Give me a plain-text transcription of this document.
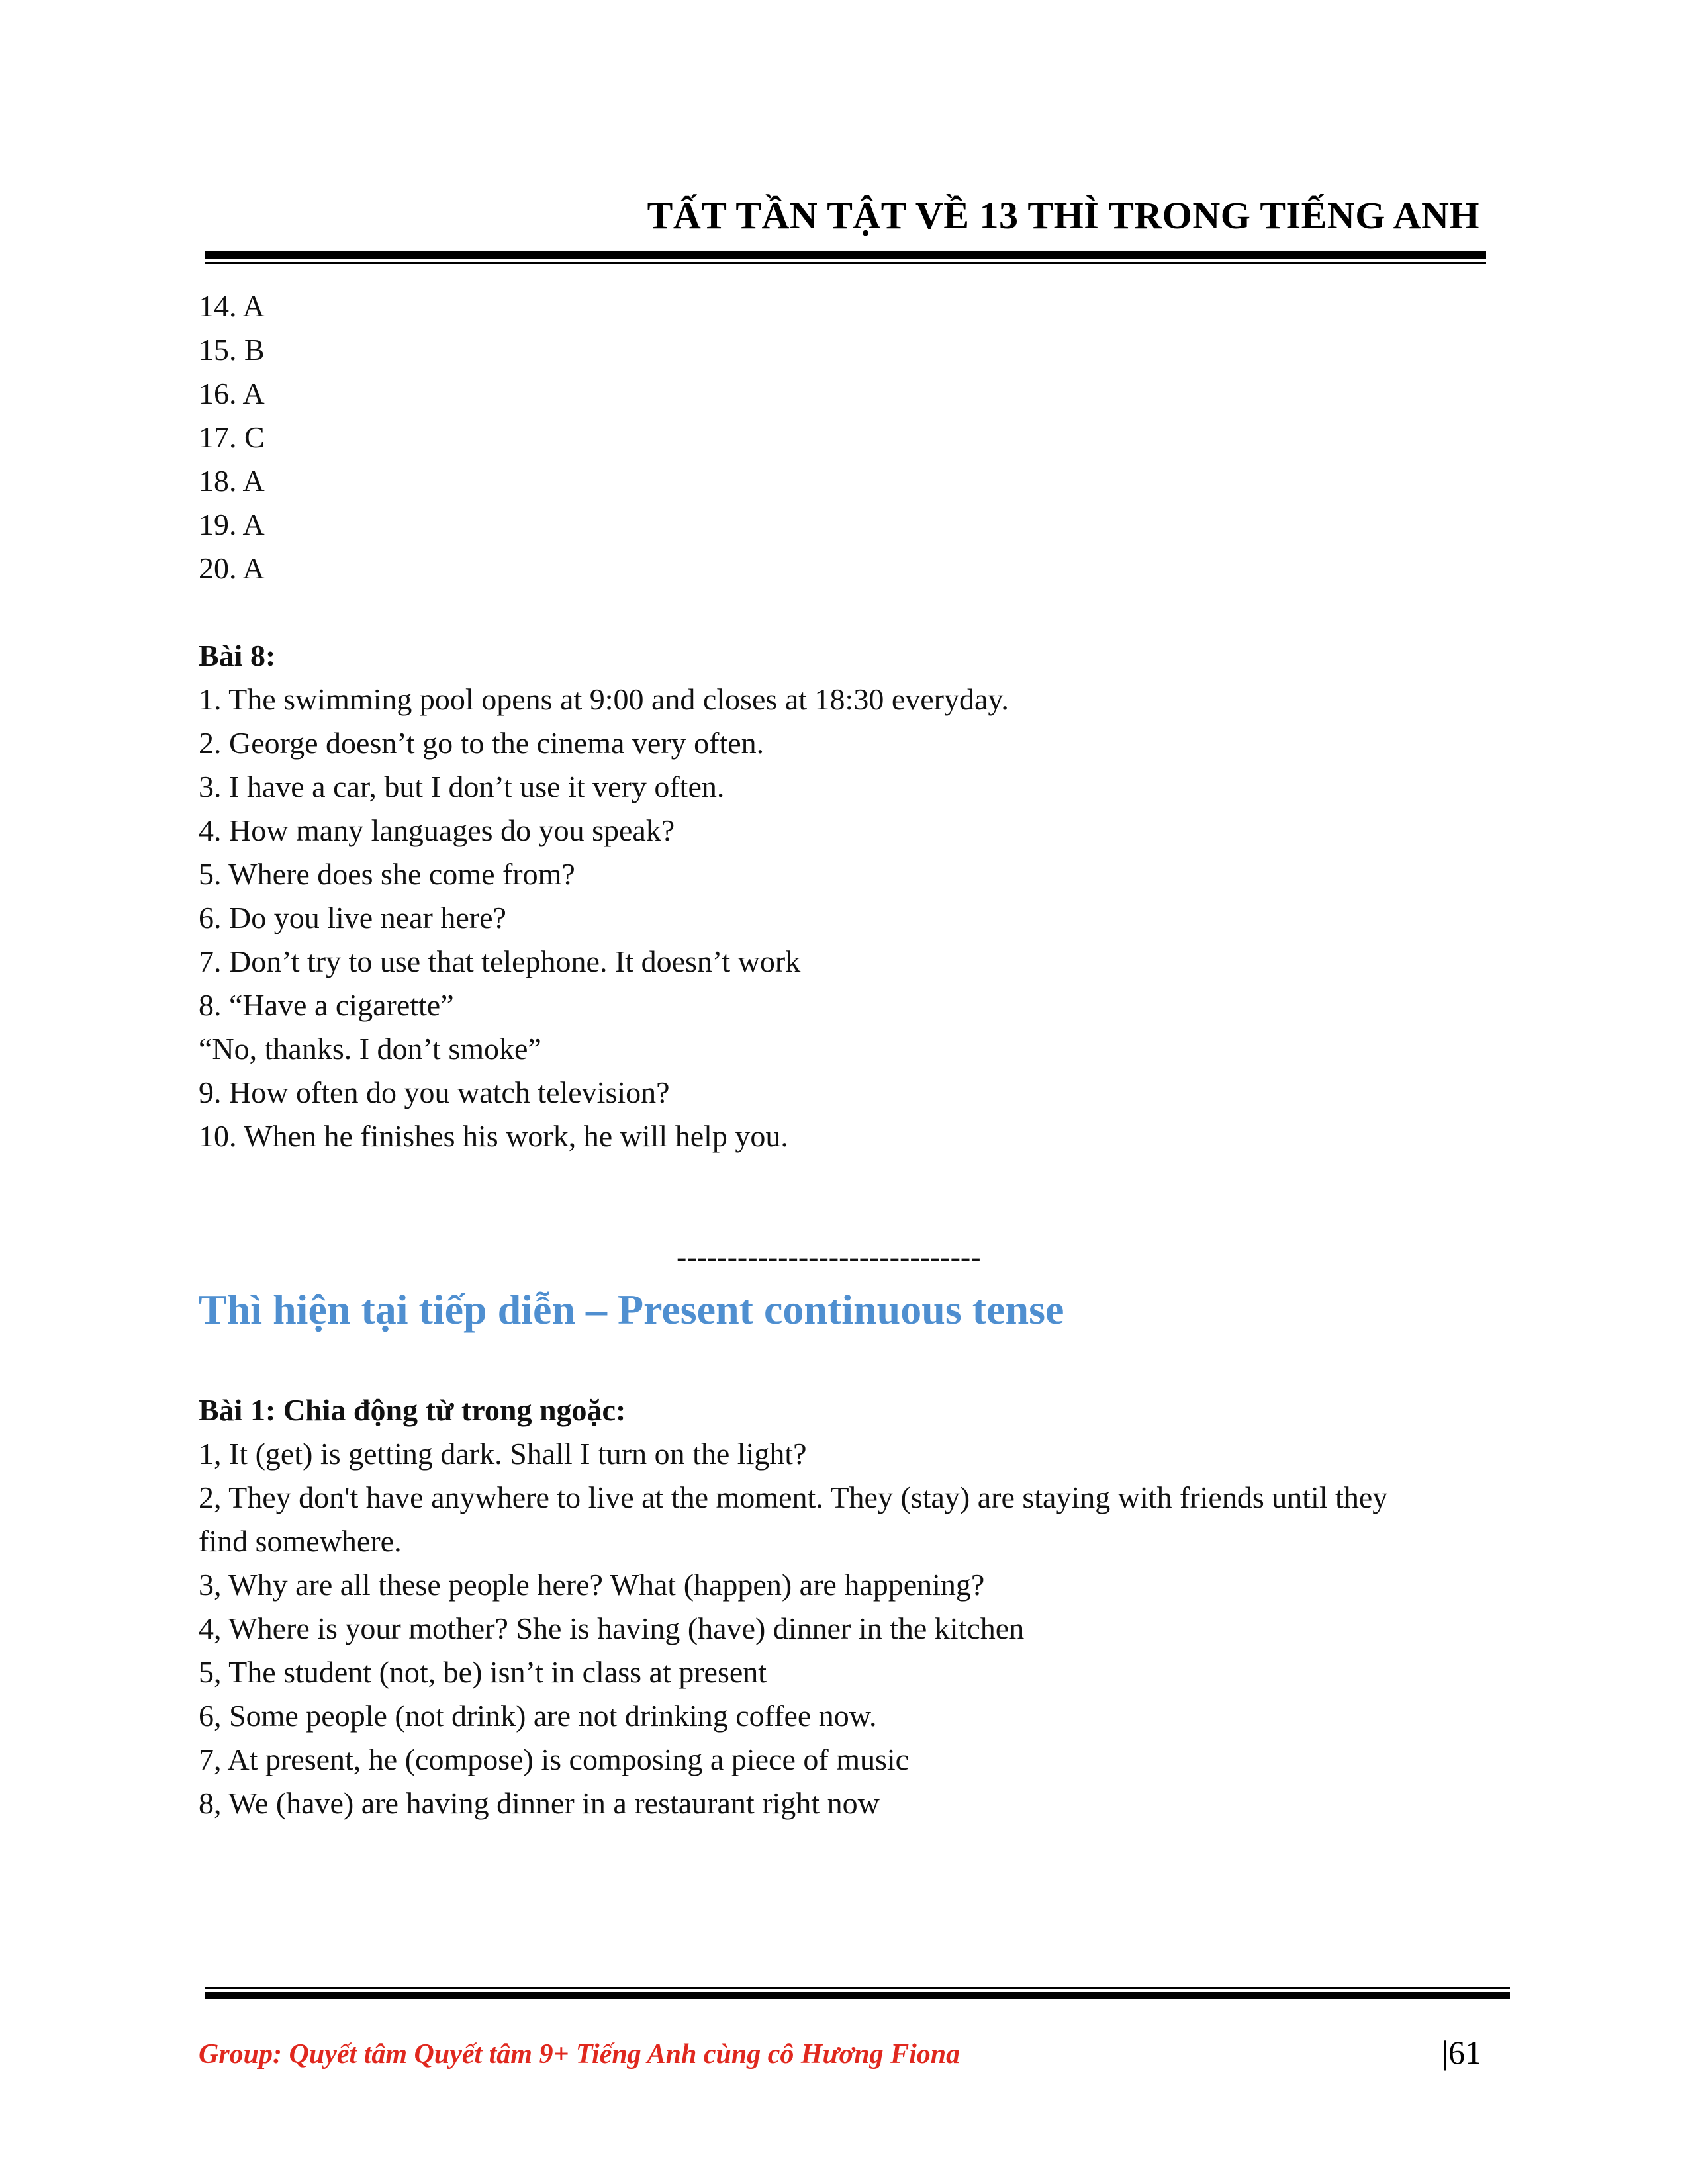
TẤT TẦN TẬT VỀ 13 THÌ TRONG TIẾNG ANH

14. A

15. B

16. A

17. C

18. A

19. A

20. A

Bài 8:

1. The swimming pool opens at 9:00 and closes at 18:30 everyday.

2. George doesn’t go to the cinema very often.

3. I have a car, but I don’t use it very often.

4. How many languages do you speak?

5. Where does she come from?

6. Do you live near here?

7. Don’t try to use that telephone. It doesn’t work

8. “Have a cigarette”

“No, thanks. I don’t smoke”

9. How often do you watch television?

10. When he finishes his work, he will help you.

------------------------------
Thì hiện tại tiếp diễn – Present continuous tense

Bài 1: Chia động từ trong ngoặc:

1, It (get) is getting dark. Shall I turn on the light?

2, They don't have anywhere to live at the moment. They (stay) are staying with friends until they

find somewhere.

3, Why are all these people here? What (happen) are happening?

4, Where is your mother? She is having (have) dinner in the kitchen

5, The student (not, be) isn’t in class at present

6, Some people (not drink) are not drinking coffee now.

7, At present, he (compose) is composing a piece of music

8, We (have) are having dinner in a restaurant right now

Group: Quyết tâm Quyết tâm 9+ Tiếng Anh cùng cô Hương Fiona	|61
